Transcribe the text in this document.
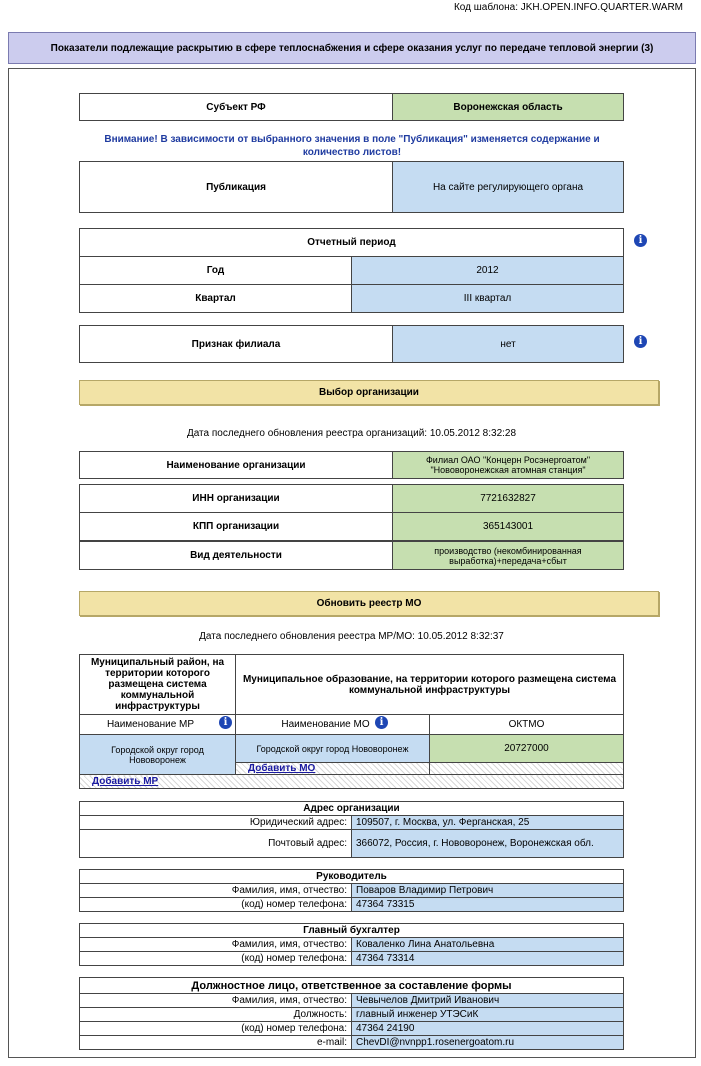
Код шаблона: JKH.OPEN.INFO.QUARTER.WARM
Показатели подлежащие раскрытию в сфере теплоснабжения и сфере оказания услуг по передаче тепловой энергии (3)
Субъект РФ	Воронежская область
Внимание! В зависимости от выбранного значения в поле "Публикация" изменяется содержание и количество листов!
Публикация	На сайте регулирующего органа
Отчетный период	
Год	2012
Квартал	III квартал
i
Признак филиала	нет	i
Выбор организации
Дата последнего обновления реестра организаций: 10.05.2012 8:32:28
Наименование организации	Филиал ОАО "Концерн Росэнергоатом" "Нововоронежская атомная станция"
ИНН организации	7721632827
КПП организации	365143001
Вид деятельности	производство (некомбинированная выработка)+передача+сбыт
Обновить реестр МО
Дата последнего обновления реестра МР/МО: 10.05.2012 8:32:37
Муниципальный район, на территории которого размещена система коммунальной инфраструктуры	Муниципальное образование, на территории которого размещена система коммунальной инфраструктуры	
Наименование МР	Наименование МО	ОКТМО
Городской округ город Нововоронеж	Городской округ город Нововоронеж	20727000
	Добавить МО	
Добавить МР		
i	i
Адрес организации	
Юридический адрес:	109507, г. Москва, ул. Ферганская, 25
Почтовый адрес:	366072, Россия, г. Нововоронеж, Воронежская обл.
Руководитель	
Фамилия, имя, отчество:	Поваров Владимир Петрович
(код) номер телефона:	47364 73315
Главный бухгалтер	
Фамилия, имя, отчество:	Коваленко Лина Анатольевна
(код) номер телефона:	47364 73314
Должностное лицо, ответственное за составление формы	
Фамилия, имя, отчество:	Чевычелов Дмитрий Иванович
Должность:	главный инженер УТЭСиК
(код) номер телефона:	47364 24190
e-mail:	ChevDI@nvnpp1.rosenergoatom.ru
